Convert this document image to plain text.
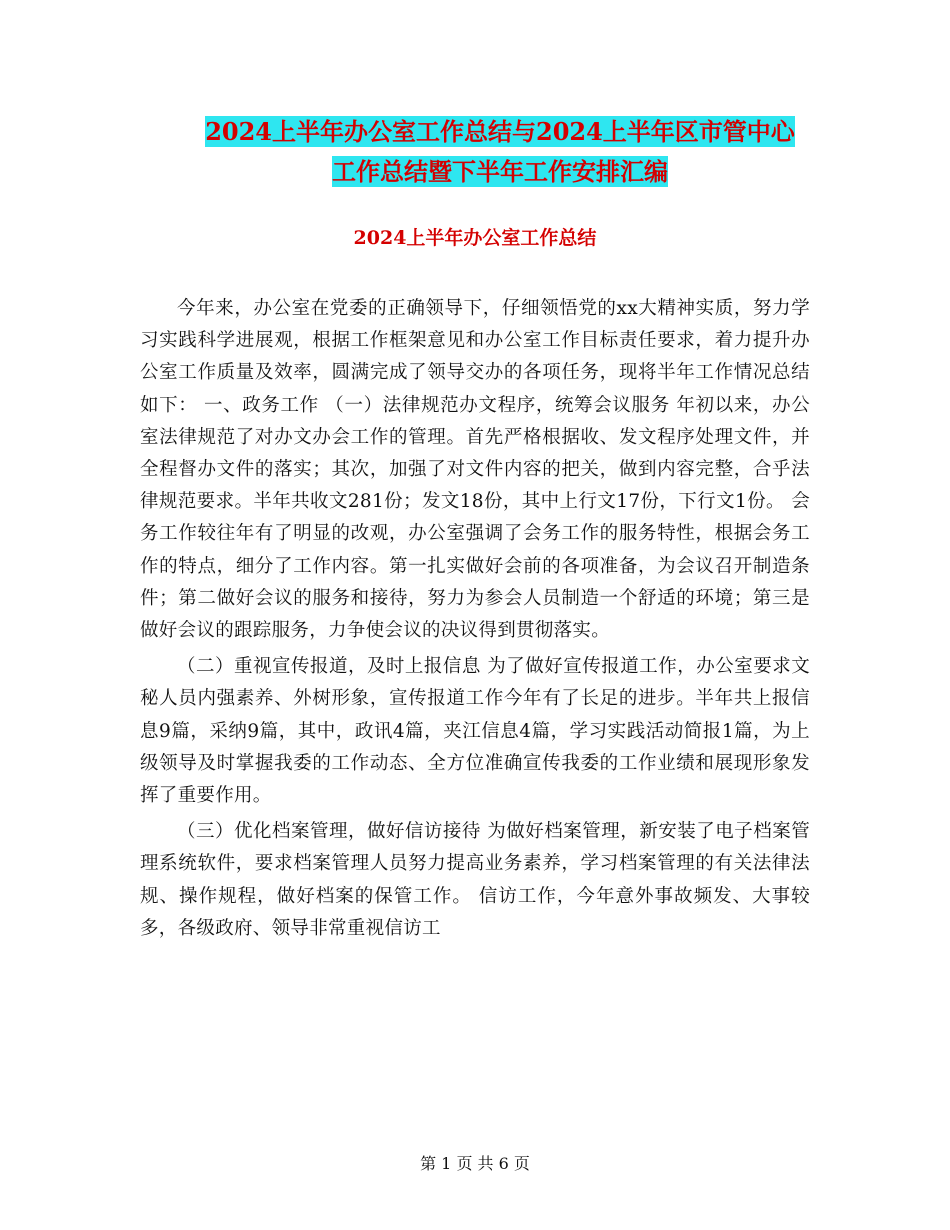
2024上半年办公室工作总结与2024上半年区市管中心
工作总结暨下半年工作安排汇编
2024上半年办公室工作总结

今年来，办公室在党委的正确领导下，仔细领悟党的xx大精神实质，努力学习实践科学进展观，根据工作框架意见和办公室工作目标责任要求，着力提升办公室工作质量及效率，圆满完成了领导交办的各项任务，现将半年工作情况总结如下： 一、政务工作 （一）法律规范办文程序，统筹会议服务 年初以来，办公室法律规范了对办文办会工作的管理。首先严格根据收、发文程序处理文件，并全程督办文件的落实；其次，加强了对文件内容的把关，做到内容完整，合乎法律规范要求。半年共收文281份；发文18份，其中上行文17份，下行文1份。 会务工作较往年有了明显的改观，办公室强调了会务工作的服务特性，根据会务工作的特点，细分了工作内容。第一扎实做好会前的各项准备，为会议召开制造条件；第二做好会议的服务和接待，努力为参会人员制造一个舒适的环境；第三是做好会议的跟踪服务，力争使会议的决议得到贯彻落实。

（二）重视宣传报道，及时上报信息 为了做好宣传报道工作，办公室要求文秘人员内强素养、外树形象，宣传报道工作今年有了长足的进步。半年共上报信息9篇，采纳9篇，其中，政讯4篇，夹江信息4篇，学习实践活动简报1篇，为上级领导及时掌握我委的工作动态、全方位准确宣传我委的工作业绩和展现形象发挥了重要作用。

（三）优化档案管理，做好信访接待 为做好档案管理，新安装了电子档案管理系统软件，要求档案管理人员努力提高业务素养，学习档案管理的有关法律法规、操作规程，做好档案的保管工作。 信访工作，今年意外事故频发、大事较多，各级政府、领导非常重视信访工

第 1 页 共 6 页
